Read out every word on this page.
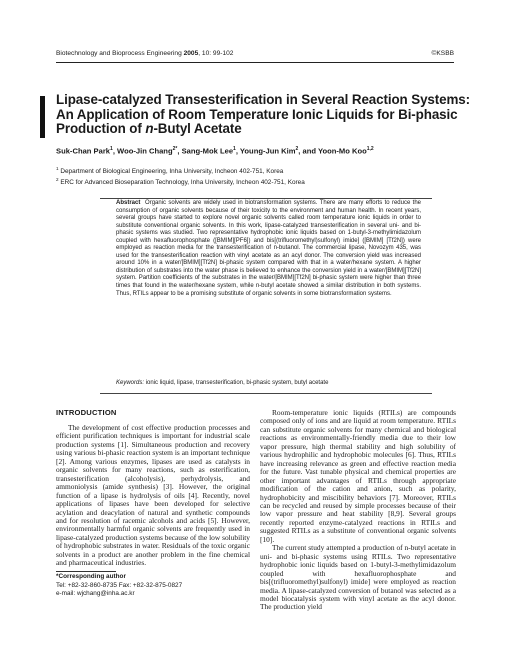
Biotechnology and Bioprocess Engineering 2005, 10: 99-102	©KSBB
Lipase-catalyzed Transesterification in Several Reaction Systems: An Application of Room Temperature Ionic Liquids for Bi-phasic Production of n-Butyl Acetate
Suk-Chan Park$^1$, Woo-Jin Chang$^{2*}$, Sang-Mok Lee$^1$, Young-Jun Kim$^2$, and Yoon-Mo Koo$^{1,2}$
$^1$ Department of Biological Engineering, Inha University, Incheon 402-751, Korea
$^2$ ERC for Advanced Bioseparation Technology, Inha University, Incheon 402-751, Korea
Abstract Organic solvents are widely used in biotransformation systems. There are many efforts to reduce the consumption of organic solvents because of their toxicity to the environment and human health. In recent years, several groups have started to explore novel organic solvents called room temperature ionic liquids in order to substitute conventional organic solvents. In this work, lipase-catalyzed transesterification in several uni- and bi-phasic systems was studied. Two representative hydrophobic ionic liquids based on 1-butyl-3-methylimidazolum coupled with hexafluorophosphate ([BMIM][PF6]) and bis[(trifluoromethyl)sulfonyl) imide] ([BMIM] [Tf2N]) were employed as reaction media for the transesterification of n-butanol. The commercial lipase, Novozym 435, was used for the transesterification reaction with vinyl acetate as an acyl donor. The conversion yield was increased around 10% in a water/[BMIM][Tf2N] bi-phasic system compared with that in a water/hexane system. A higher distribution of substrates into the water phase is believed to enhance the conversion yield in a water/[BMIM][Tf2N] system. Partition coefficients of the substrates in the water/[BMIM][Tf2N] bi-phasic system were higher than three times that found in the water/hexane system, while n-butyl acetate showed a similar distribution in both systems. Thus, RTILs appear to be a promising substitute of organic solvents in some biotransformation systems.
Keywords: ionic liquid, lipase, transesterification, bi-phasic system, butyl acetate
INTRODUCTION

The development of cost effective production processes and efficient purification techniques is important for industrial scale production systems [1]. Simultaneous production and recovery using various bi-phasic reaction system is an important technique [2]. Among various enzymes, lipases are used as catalysts in organic solvents for many reactions, such as esterification, transesterification (alcoholysis), perhydrolysis, and ammoniolysis (amide synthesis) [3]. However, the original function of a lipase is hydrolysis of oils [4]. Recently, novel applications of lipases have been developed for selective acylation and deacylation of natural and synthetic compounds and for resolution of racemic alcohols and acids [5]. However, environmentally harmful organic solvents are frequently used in lipase-catalyzed production systems because of the low solubility of hydrophobic substrates in water. Residuals of the toxic organic solvents in a product are another problem in the fine chemical and pharmaceutical industries.

Room-temperature ionic liquids (RTILs) are compounds composed only of ions and are liquid at room temperature. RTILs can substitute organic solvents for many chemical and biological reactions as environmentally-friendly media due to their low vapor pressure, high thermal stability and high solubility of various hydrophilic and hydrophobic molecules [6]. Thus, RTILs have increasing relevance as green and effective reaction media for the future. Vast tunable physical and chemical properties are other important advantages of RTILs through appropriate modification of the cation and anion, such as polarity, hydrophobicity and miscibility behaviors [7]. Moreover, RTILs can be recycled and reused by simple processes because of their low vapor pressure and heat stability [8,9]. Several groups recently reported enzyme-catalyzed reactions in RTILs and suggested RTILs as a substitute of conventional organic solvents [10].

The current study attempted a production of n-butyl acetate in uni- and bi-phasic systems using RTILs. Two representative hydrophobic ionic liquids based on 1-butyl-3-methylimidazolum coupled with hexafluorophosphate and bis[(trifluoromethyl)sulfonyl) imide] were employed as reaction media. A lipase-catalyzed conversion of butanol was selected as a model biocatalysis system with vinyl acetate as the acyl donor. The production yield

*Corresponding author
Tel: +82-32-860-8735 Fax: +82-32-875-0827
e-mail: wjchang@inha.ac.kr
